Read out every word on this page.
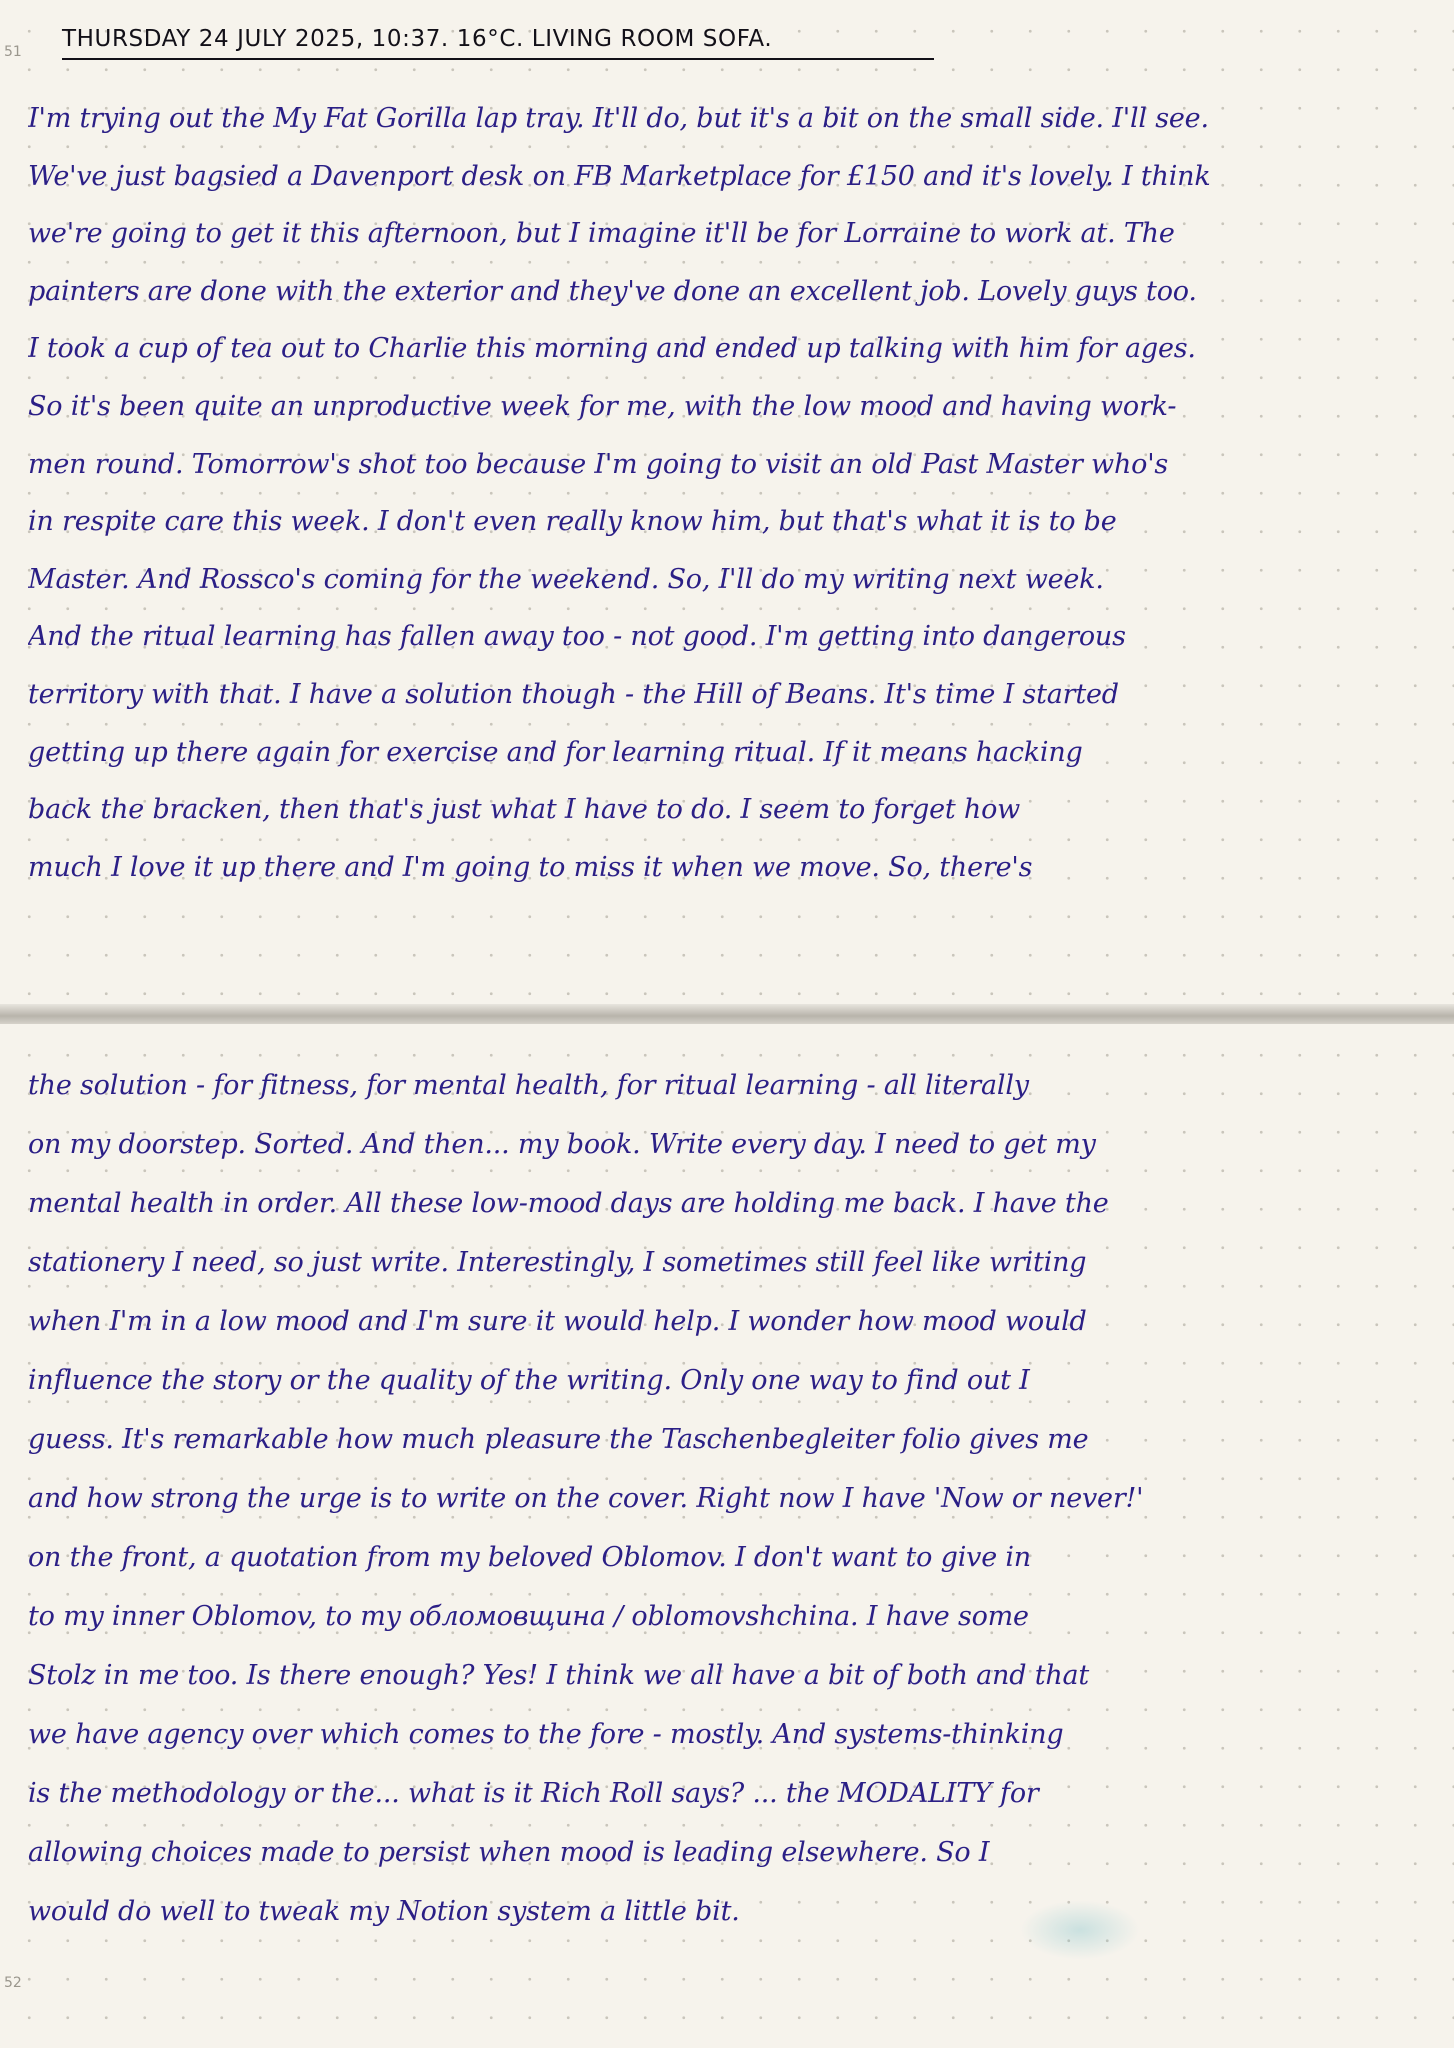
51 THURSDAY 24 JULY 2025, 10:37. 16°C. LIVING ROOM SOFA.
I'm trying out the My Fat Gorilla lap tray. It'll do, but it's a bit on the small side. I'll see.
We've just bagsied a Davenport desk on FB Marketplace for £150 and it's lovely. I think
we're going to get it this afternoon, but I imagine it'll be for Lorraine to work at. The
painters are done with the exterior and they've done an excellent job. Lovely guys too.
I took a cup of tea out to Charlie this morning and ended up talking with him for ages.
So it's been quite an unproductive week for me, with the low mood and having work-
men round. Tomorrow's shot too because I'm going to visit an old Past Master who's
in respite care this week. I don't even really know him, but that's what it is to be
Master. And Rossco's coming for the weekend. So, I'll do my writing next week.
And the ritual learning has fallen away too - not good. I'm getting into dangerous
territory with that. I have a solution though - the Hill of Beans. It's time I started
getting up there again for exercise and for learning ritual. If it means hacking
back the bracken, then that's just what I have to do. I seem to forget how
much I love it up there and I'm going to miss it when we move. So, there's
the solution - for fitness, for mental health, for ritual learning - all literally
on my doorstep. Sorted. And then... my book. Write every day. I need to get my
mental health in order. All these low-mood days are holding me back. I have the
stationery I need, so just write. Interestingly, I sometimes still feel like writing
when I'm in a low mood and I'm sure it would help. I wonder how mood would
influence the story or the quality of the writing. Only one way to find out I
guess. It's remarkable how much pleasure the Taschenbegleiter folio gives me
and how strong the urge is to write on the cover. Right now I have 'Now or never!'
on the front, a quotation from my beloved Oblomov. I don't want to give in
to my inner Oblomov, to my обломовщина / oblomovshchina. I have some
Stolz in me too. Is there enough? Yes! I think we all have a bit of both and that
we have agency over which comes to the fore - mostly. And systems-thinking
is the methodology or the... what is it Rich Roll says? ... the MODALITY for
allowing choices made to persist when mood is leading elsewhere. So I
would do well to tweak my Notion system a little bit.
52
